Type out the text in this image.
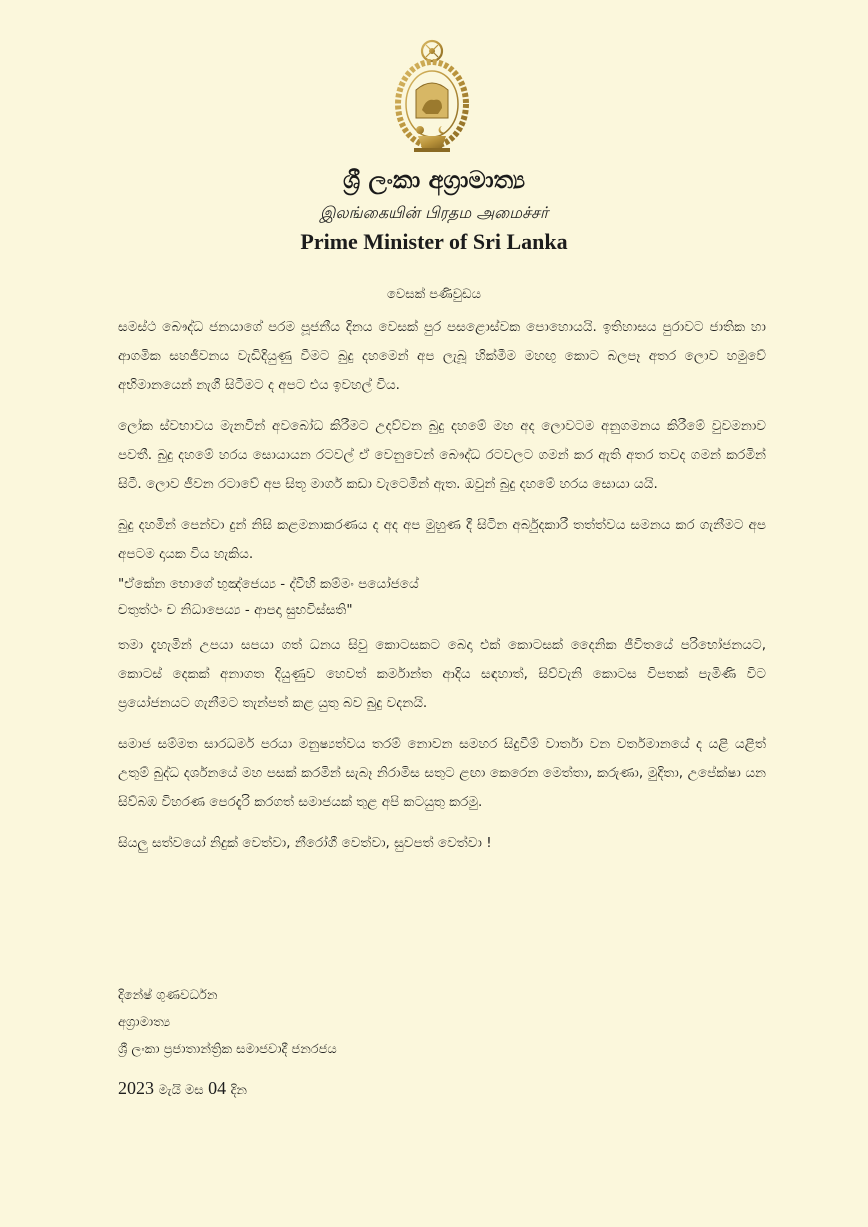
ශ්‍රී ලංකා අග්‍රාමාත්‍ය
இலங்கையின் பிரதம அமைச்சர்
Prime Minister of Sri Lanka
වෙසක් පණිවුඩය

සමස්ථ බෞද්ධ ජනයාගේ පරම පූජනීය දිනය වෙසක් පුර පසළොස්වක පොහොයයි. ඉතිහාසය පුරාවට ජාතික හා ආගමික සහජීවනය වැඩිදියුණු වීමට බුදු දහමෙන් අප ලැබූ හික්මීම මහඟු කොට බලපෑ අතර ලොව හමුවේ අභිමානයෙන් නැගී සිටීමට ද අපට එය ඉවහල් විය.

ලෝක ස්වභාවය මැනවින් අවබෝධ කිරීමට උදව්වන බුදු දහමේ මහ අද ලොවටම අනුගමනය කිරීමේ වුවමනාව පවතී. බුදු දහමේ හරය සොයායන රටවල් ඒ වෙනුවෙන් බෞද්ධ රටවලට ගමන් කර ඇති අතර තවද ගමන් කරමින් සිටී. ලොව ජීවන රටාවේ අප සිතූ මාර්ග කඩා වැටෙමින් ඇත. ඔවුන් බුදු දහමේ හරය සොයා යයි.

බුදු දහමින් පෙන්වා දුන් නිසි කළමනාකරණය ද අද අප මුහුණ දී සිටින අර්බුදකාරී තත්ත්වය සමනය කර ගැනීමට අප අපටම දායක විය හැකිය.

"ඒකේන භොගේ භුඤ්ජෙය්‍ය - ද්වීහි කම්මං පයෝජයේ

චතුත්ථං ච නිධාපෙය්‍ය - ආපදා සුභවිස්සති"

තමා දැහැමින් උපයා සපයා ගත් ධනය සිවු කොටසකට බෙදා එක් කොටසක් දෛනික ජීවිතයේ පරිභෝජනයට, කොටස් දෙකක් අනාගත දියුණුව හෙවත් කර්මාන්ත ආදිය සඳහාත්, සිව්වැනි කොටස විපතක් පැමිණි විට ප්‍රයෝජනයට ගැනීමට තැන්පත් කළ යුතු බව බුදු වදනයි.

සමාජ සම්මත සාරධර්ම පරයා මනුෂ්‍යත්වය තරම් නොවන සමහර සිදුවීම් වාර්තා වන වර්තමානයේ ද යළි යළිත් උතුම් බුද්ධ දර්ශනයේ මහ පසක් කරමින් සැබෑ නිරාමිස සතුට ළඟා කෙරෙන මෙත්තා, කරුණා, මුදිතා, උපේක්ෂා යන සිව්බඹ විහරණ පෙරදැරි කරගත් සමාජයක් තුළ අපි කටයුතු කරමු.

සියලු සත්වයෝ නිදුක් වෙත්වා, නීරෝගී වෙත්වා, සුවපත් වෙත්වා !

දිනේෂ් ගුණවර්ධන
අග්‍රාමාත්‍ය
ශ්‍රී ලංකා ප්‍රජාතාන්ත්‍රික සමාජවාදී ජනරජය
2023 මැයි මස 04 දින
